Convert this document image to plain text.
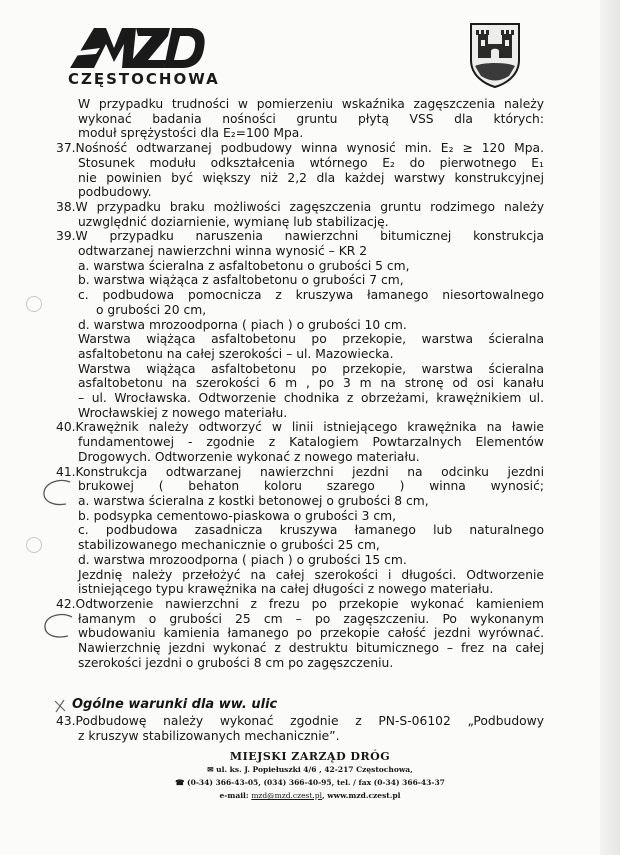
CZĘSTOCHOWA

W przypadku trudności w pomierzeniu wskaźnika zagęszczenia należy

wykonać badania nośności gruntu płytą VSS dla których:

moduł sprężystości dla E₂=100 Mpa.

37.Nośność odtwarzanej podbudowy winna wynosić min. E₂ ≥ 120 Mpa.

Stosunek modułu odkształcenia wtórnego E₂ do pierwotnego E₁

nie powinien być większy niż 2,2 dla każdej warstwy konstrukcyjnej

podbudowy.

38.W przypadku braku możliwości zagęszczenia gruntu rodzimego należy

uzwględnić doziarnienie, wymianę lub stabilizację.

39.W przypadku naruszenia nawierzchni bitumicznej konstrukcja

odtwarzanej nawierzchni winna wynosić – KR 2

a. warstwa ścieralna z asfaltobetonu o grubości 5 cm,

b. warstwa wiążąca z asfaltobetonu o grubości 7 cm,

c. podbudowa pomocnicza z kruszywa łamanego niesortowalnego

o grubości 20 cm,

d. warstwa mrozoodporna ( piach ) o grubości 10 cm.

Warstwa wiążąca asfaltobetonu po przekopie, warstwa ścieralna

asfaltobetonu na całej szerokości – ul. Mazowiecka.

Warstwa wiążąca asfaltobetonu po przekopie, warstwa ścieralna

asfaltobetonu na szerokości 6 m , po 3 m na stronę od osi kanału

– ul. Wrocławska. Odtworzenie chodnika z obrzeżami, krawężnikiem ul.

Wrocławskiej z nowego materiału.

40.Krawężnik należy odtworzyć w linii istniejącego krawężnika na ławie

fundamentowej - zgodnie z Katalogiem Powtarzalnych Elementów

Drogowych. Odtworzenie wykonać z nowego materiału.

41.Konstrukcja odtwarzanej nawierzchni jezdni na odcinku jezdni

brukowej ( behaton koloru szarego ) winna wynosić;

a. warstwa ścieralna z kostki betonowej o grubości 8 cm,

b. podsypka cementowo-piaskowa o grubości 3 cm,

c. podbudowa zasadnicza kruszywa łamanego lub naturalnego

stabilizowanego mechanicznie o grubości 25 cm,

d. warstwa mrozoodporna ( piach ) o grubości 15 cm.

Jezdnię należy przełożyć na całej szerokości i długości. Odtworzenie

istniejącego typu krawężnika na całej długości z nowego materiału.

42.Odtworzenie nawierzchni z frezu po przekopie wykonać kamieniem

łamanym o grubości 25 cm – po zagęszczeniu. Po wykonanym

wbudowaniu kamienia łamanego po przekopie całość jezdni wyrównać.

Nawierzchnię jezdni wykonać z destruktu bitumicznego – frez na całej

szerokości jezdni o grubości 8 cm po zagęszczeniu.

Ogólne warunki dla ww. ulic

43.Podbudowę należy wykonać zgodnie z PN-S-06102 „Podbudowy

z kruszyw stabilizowanych mechanicznie”.

MIEJSKI ZARZĄD DRÓG
✉ ul. ks. J. Popiełuszki 4/6 , 42-217 Częstochowa,
☎ (0-34) 366-43-05, (034) 366-40-95, tel. / fax (0-34) 366-43-37
e-mail: mzd@mzd.czest.pl, www.mzd.czest.pl
